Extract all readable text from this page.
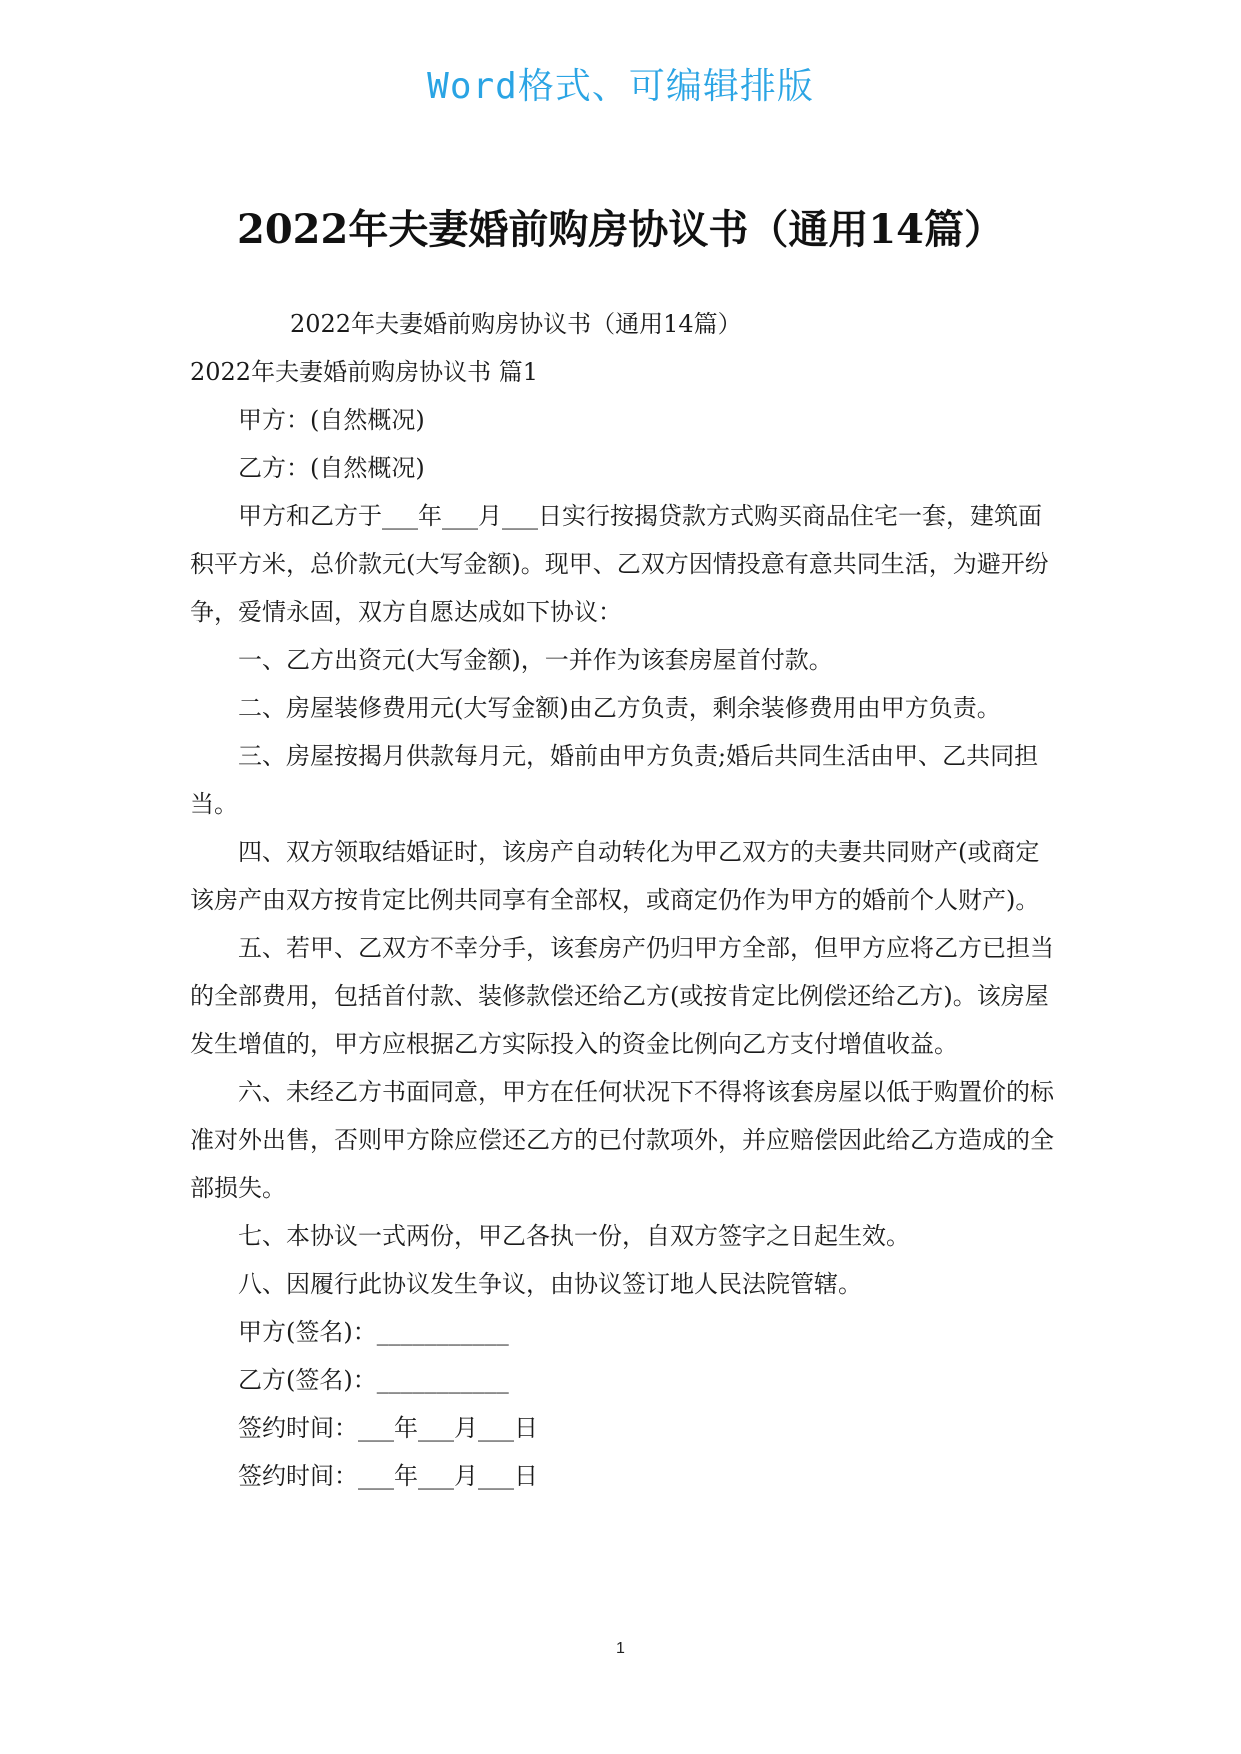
Word格式、可编辑排版
2022年夫妻婚前购房协议书（通用14篇）

2022年夫妻婚前购房协议书（通用14篇）

2022年夫妻婚前购房协议书 篇1

甲方：(自然概况)

乙方：(自然概况)

甲方和乙方于___年___月___日实行按揭贷款方式购买商品住宅一套，建筑面积平方米，总价款元(大写金额)。现甲、乙双方因情投意有意共同生活，为避开纷争，爱情永固，双方自愿达成如下协议：

一、乙方出资元(大写金额)，一并作为该套房屋首付款。

二、房屋装修费用元(大写金额)由乙方负责，剩余装修费用由甲方负责。

三、房屋按揭月供款每月元，婚前由甲方负责;婚后共同生活由甲、乙共同担当。

四、双方领取结婚证时，该房产自动转化为甲乙双方的夫妻共同财产(或商定该房产由双方按肯定比例共同享有全部权，或商定仍作为甲方的婚前个人财产)。

五、若甲、乙双方不幸分手，该套房产仍归甲方全部，但甲方应将乙方已担当的全部费用，包括首付款、装修款偿还给乙方(或按肯定比例偿还给乙方)。该房屋发生增值的，甲方应根据乙方实际投入的资金比例向乙方支付增值收益。

六、未经乙方书面同意，甲方在任何状况下不得将该套房屋以低于购置价的标准对外出售，否则甲方除应偿还乙方的已付款项外，并应赔偿因此给乙方造成的全部损失。

七、本协议一式两份，甲乙各执一份，自双方签字之日起生效。

八、因履行此协议发生争议，由协议签订地人民法院管辖。

甲方(签名)：___________

乙方(签名)：___________

签约时间：___年___月___日

签约时间：___年___月___日

1
